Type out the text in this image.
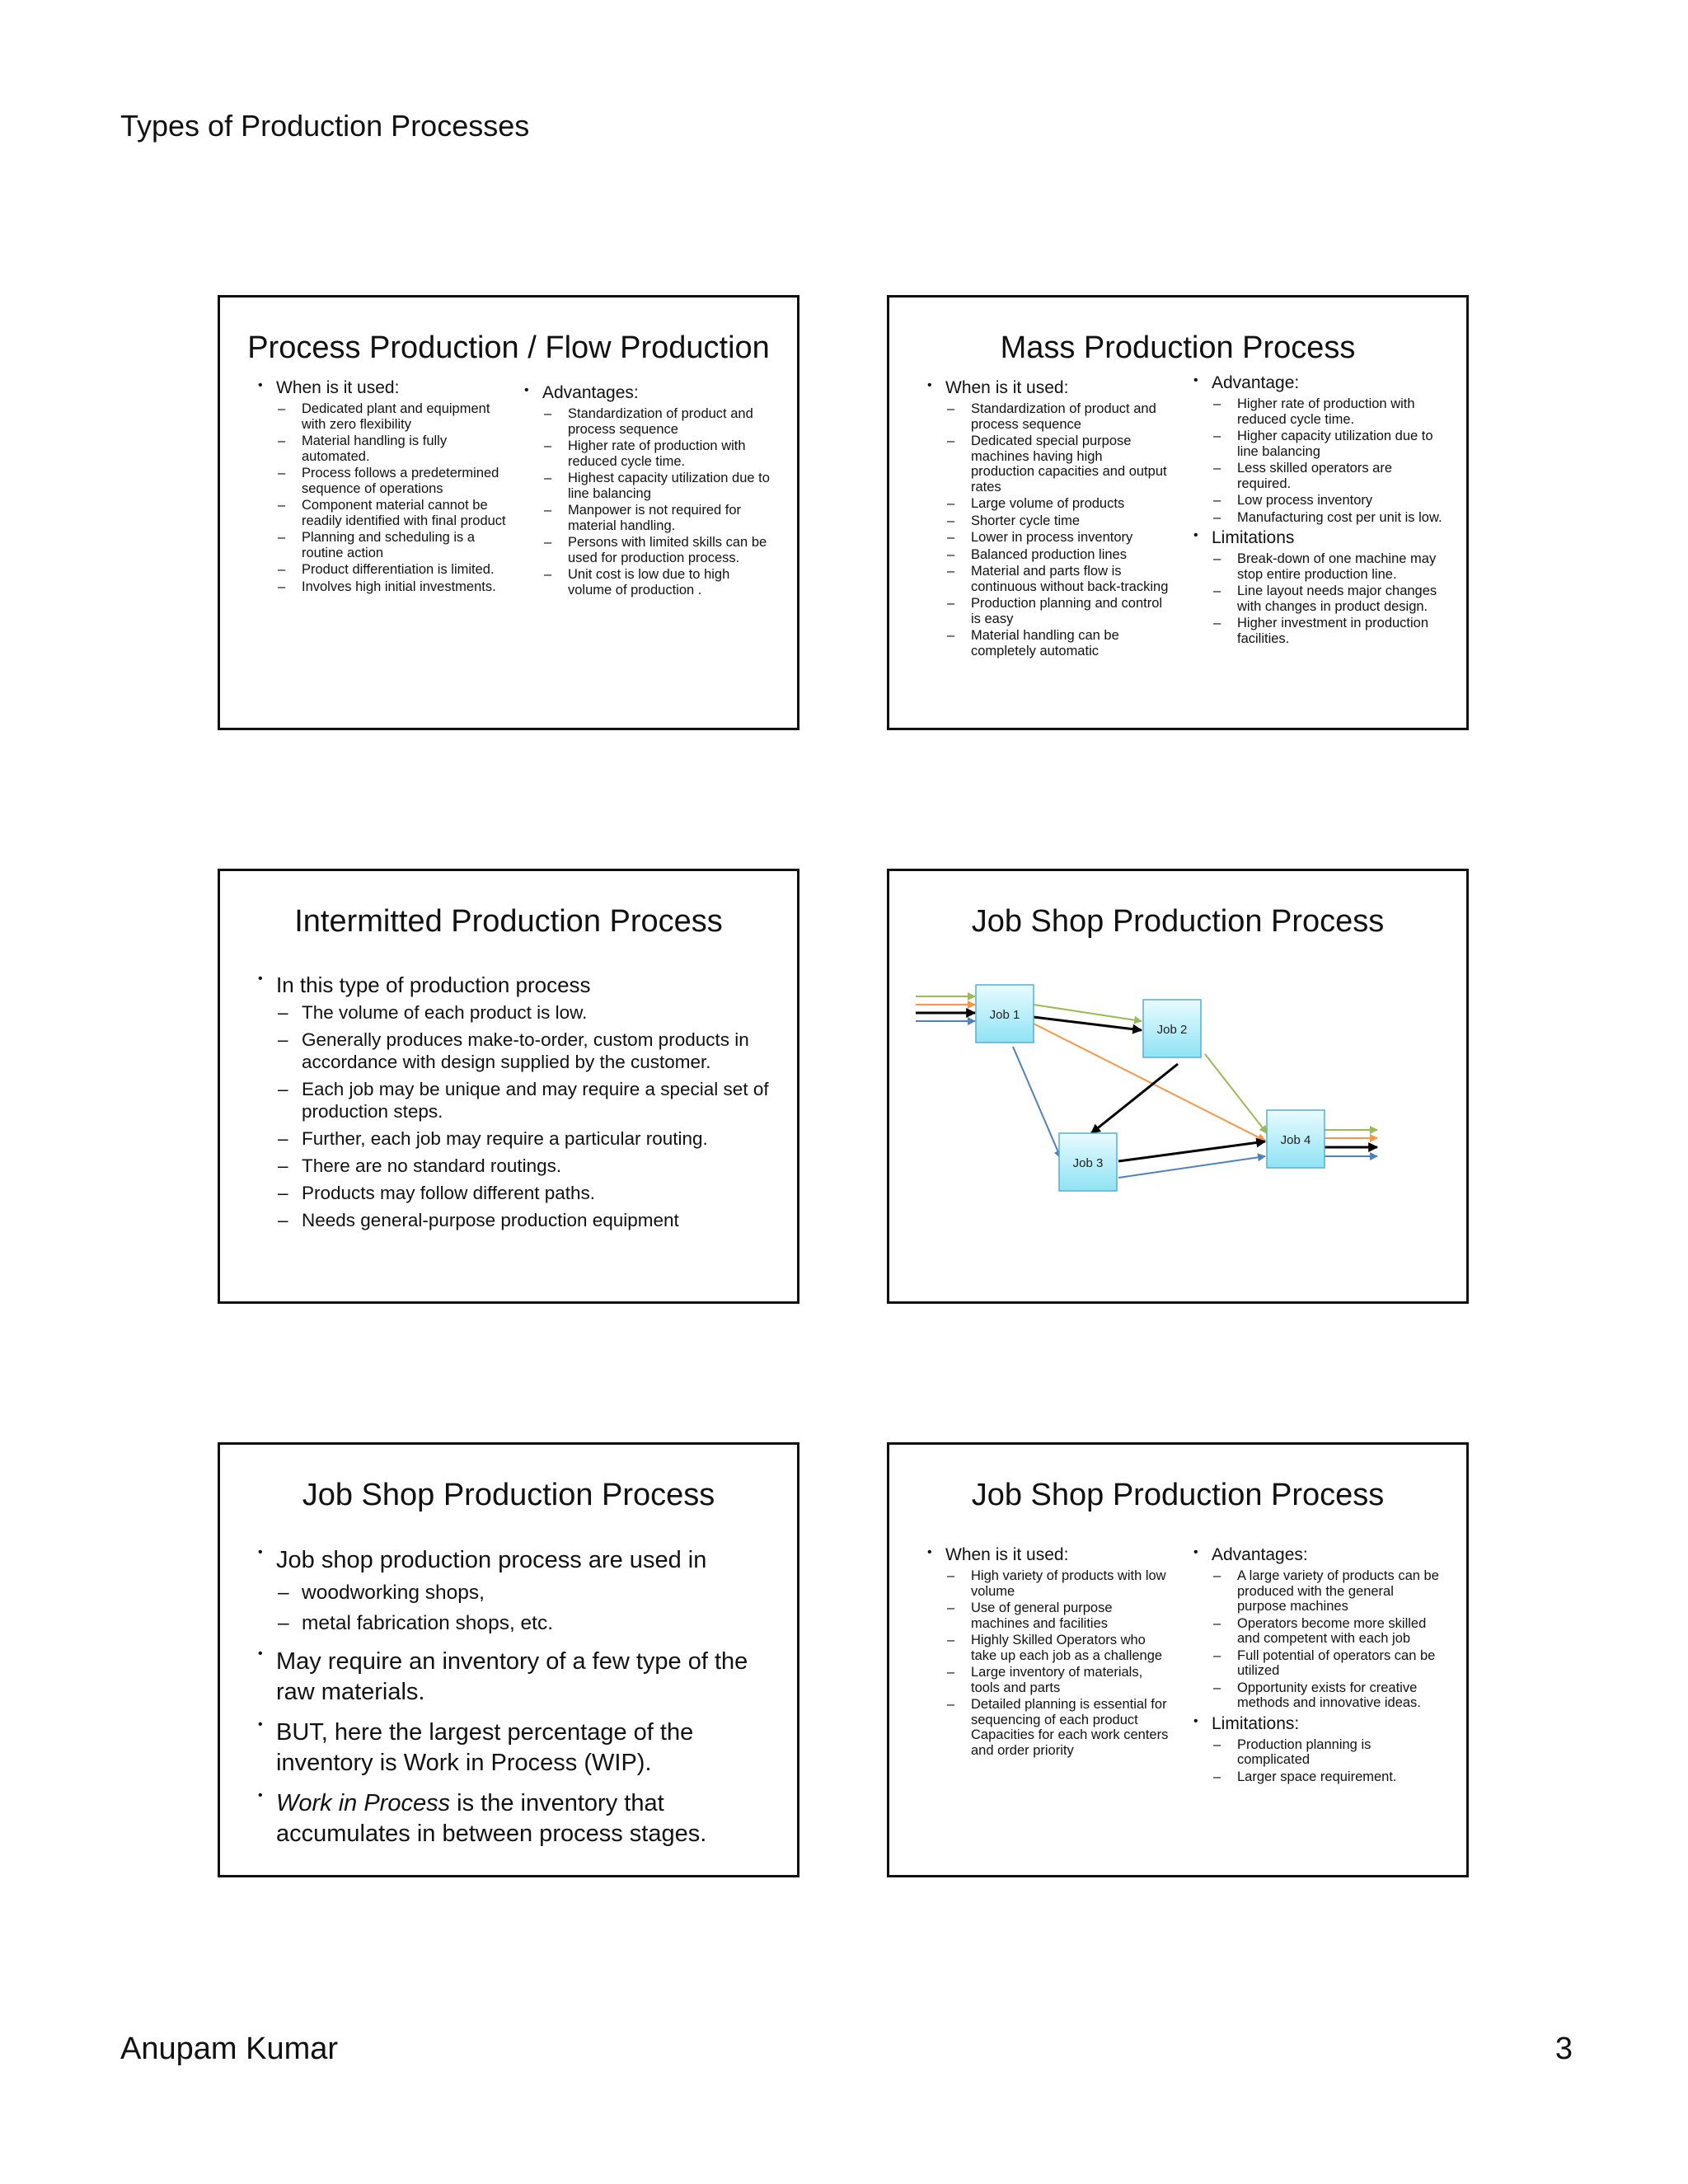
Types of Production Processes
Process Production / Flow Production
• When is it used:
– Dedicated plant and equipment with zero flexibility
– Material handling is fully automated.
– Process follows a predetermined sequence of operations
– Component material cannot be readily identified with final product
– Planning and scheduling is a routine action
– Product differentiation is limited.
– Involves high initial investments.
• Advantages:
– Standardization of product and process sequence
– Higher rate of production with reduced cycle time.
– Highest capacity utilization due to line balancing
– Manpower is not required for material handling.
– Persons with limited skills can be used for production process.
– Unit cost is low due to high volume of production .
Mass Production Process
• When is it used:
– Standardization of product and process sequence
– Dedicated special purpose machines having high production capacities and output rates
– Large volume of products
– Shorter cycle time
– Lower in process inventory
– Balanced production lines
– Material and parts flow is continuous without back-tracking
– Production planning and control is easy
– Material handling can be completely automatic
• Advantage:
– Higher rate of production with reduced cycle time.
– Higher capacity utilization due to line balancing
– Less skilled operators are required.
– Low process inventory
– Manufacturing cost per unit is low.
• Limitations
– Break-down of one machine may stop entire production line.
– Line layout needs major changes with changes in product design.
– Higher investment in production facilities.
Intermitted Production Process
• In this type of production process
– The volume of each product is low.
– Generally produces make-to-order, custom products in accordance with design supplied by the customer.
– Each job may be unique and may require a special set of production steps.
– Further, each job may require a particular routing.
– There are no standard routings.
– Products may follow different paths.
– Needs general-purpose production equipment
Job Shop Production Process
Job 1
Job 2
Job 3
Job 4
Job Shop Production Process
• Job shop production process are used in
– woodworking shops,
– metal fabrication shops, etc.
• May require an inventory of a few type of the raw materials.
• BUT, here the largest percentage of the inventory is Work in Process (WIP).
• Work in Process is the inventory that accumulates in between process stages.
Job Shop Production Process
• When is it used:
– High variety of products with low volume
– Use of general purpose machines and facilities
– Highly Skilled Operators who take up each job as a challenge
– Large inventory of materials, tools and parts
– Detailed planning is essential for sequencing of each product Capacities for each work centers and order priority
• Advantages:
– A large variety of products can be produced with the general purpose machines
– Operators become more skilled and competent with each job
– Full potential of operators can be utilized
– Opportunity exists for creative methods and innovative ideas.
• Limitations:
– Production planning is complicated
– Larger space requirement.
Anupam Kumar	3
